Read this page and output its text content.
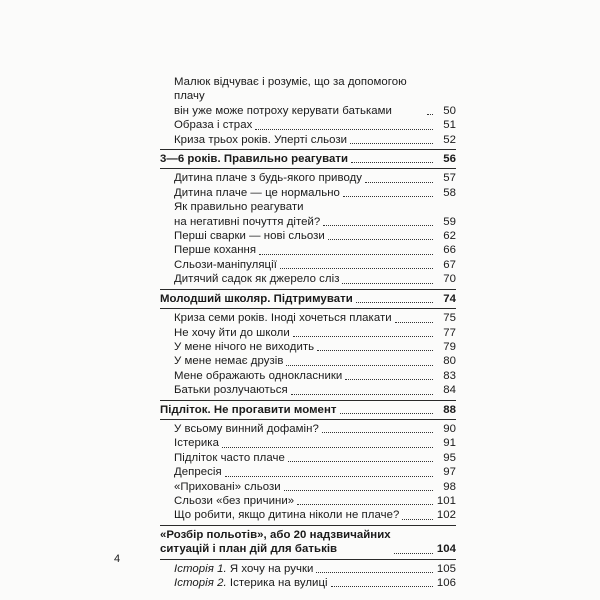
Малюк відчуває і розуміє, що за допомогою плачу
він уже може потроху керувати батьками	50
Образа і страх	51
Криза трьох років. Уперті сльози	52
3—6 років. Правильно реагувати	56
Дитина плаче з будь-якого приводу	57
Дитина плаче — це нормально	58
Як правильно реагувати
на негативні почуття дітей?	59
Перші сварки — нові сльози	62
Перше кохання	66
Сльози-маніпуляції	67
Дитячий садок як джерело сліз	70
Молодший школяр. Підтримувати	74
Криза семи років. Іноді хочеться плакати	75
Не хочу йти до школи	77
У мене нічого не виходить	79
У мене немає друзів	80
Мене ображають однокласники	83
Батьки розлучаються	84
Підліток. Не прогавити момент	88
У всьому винний дофамін?	90
Істерика	91
Підліток часто плаче	95
Депресія	97
«Приховані» сльози	98
Сльози «без причини»	101
Що робити, якщо дитина ніколи не плаче?	102
«Розбір польотів», або 20 надзвичайних
ситуацій і план дій для батьків	104
Історія 1. Я хочу на ручки	105
Історія 2. Істерика на вулиці	106
4
